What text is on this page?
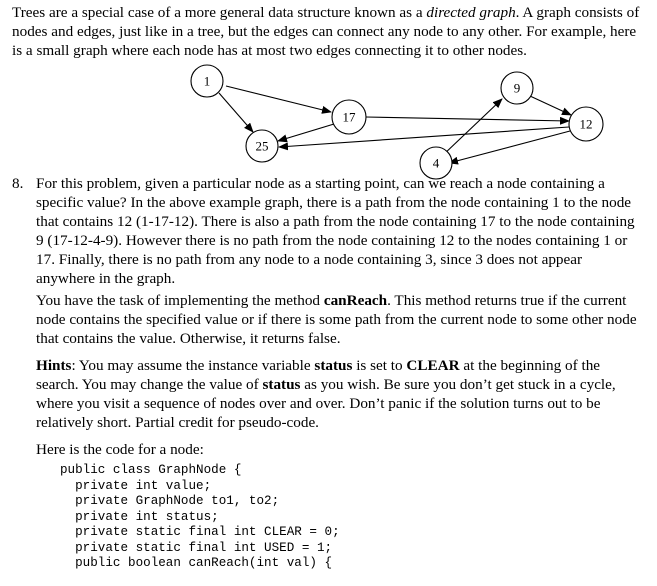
Trees are a special case of a more general data structure known as a directed graph. A graph consists of nodes and edges, just like in a tree, but the edges can connect any node to any other. For example, here is a small graph where each node has at most two edges connecting it to other nodes.

1
17
25
4
9
12

8. For this problem, given a particular node as a starting point, can we reach a node containing a specific value? In the above example graph, there is a path from the node containing 1 to the node that contains 12 (1-17-12). There is also a path from the node containing 17 to the node containing 9 (17-12-4-9). However there is no path from the node containing 12 to the nodes containing 1 or 17. Finally, there is no path from any node to a node containing 3, since 3 does not appear anywhere in the graph.

You have the task of implementing the method canReach. This method returns true if the current node contains the specified value or if there is some path from the current node to some other node that contains the value. Otherwise, it returns false.

Hints: You may assume the instance variable status is set to CLEAR at the beginning of the search. You may change the value of status as you wish. Be sure you don’t get stuck in a cycle, where you visit a sequence of nodes over and over. Don’t panic if the solution turns out to be relatively short. Partial credit for pseudo-code.

Here is the code for a node:

public class GraphNode {
private int value;
private GraphNode to1, to2;
private int status;
private static final int CLEAR = 0;
private static final int USED = 1;
public boolean canReach(int val) {
